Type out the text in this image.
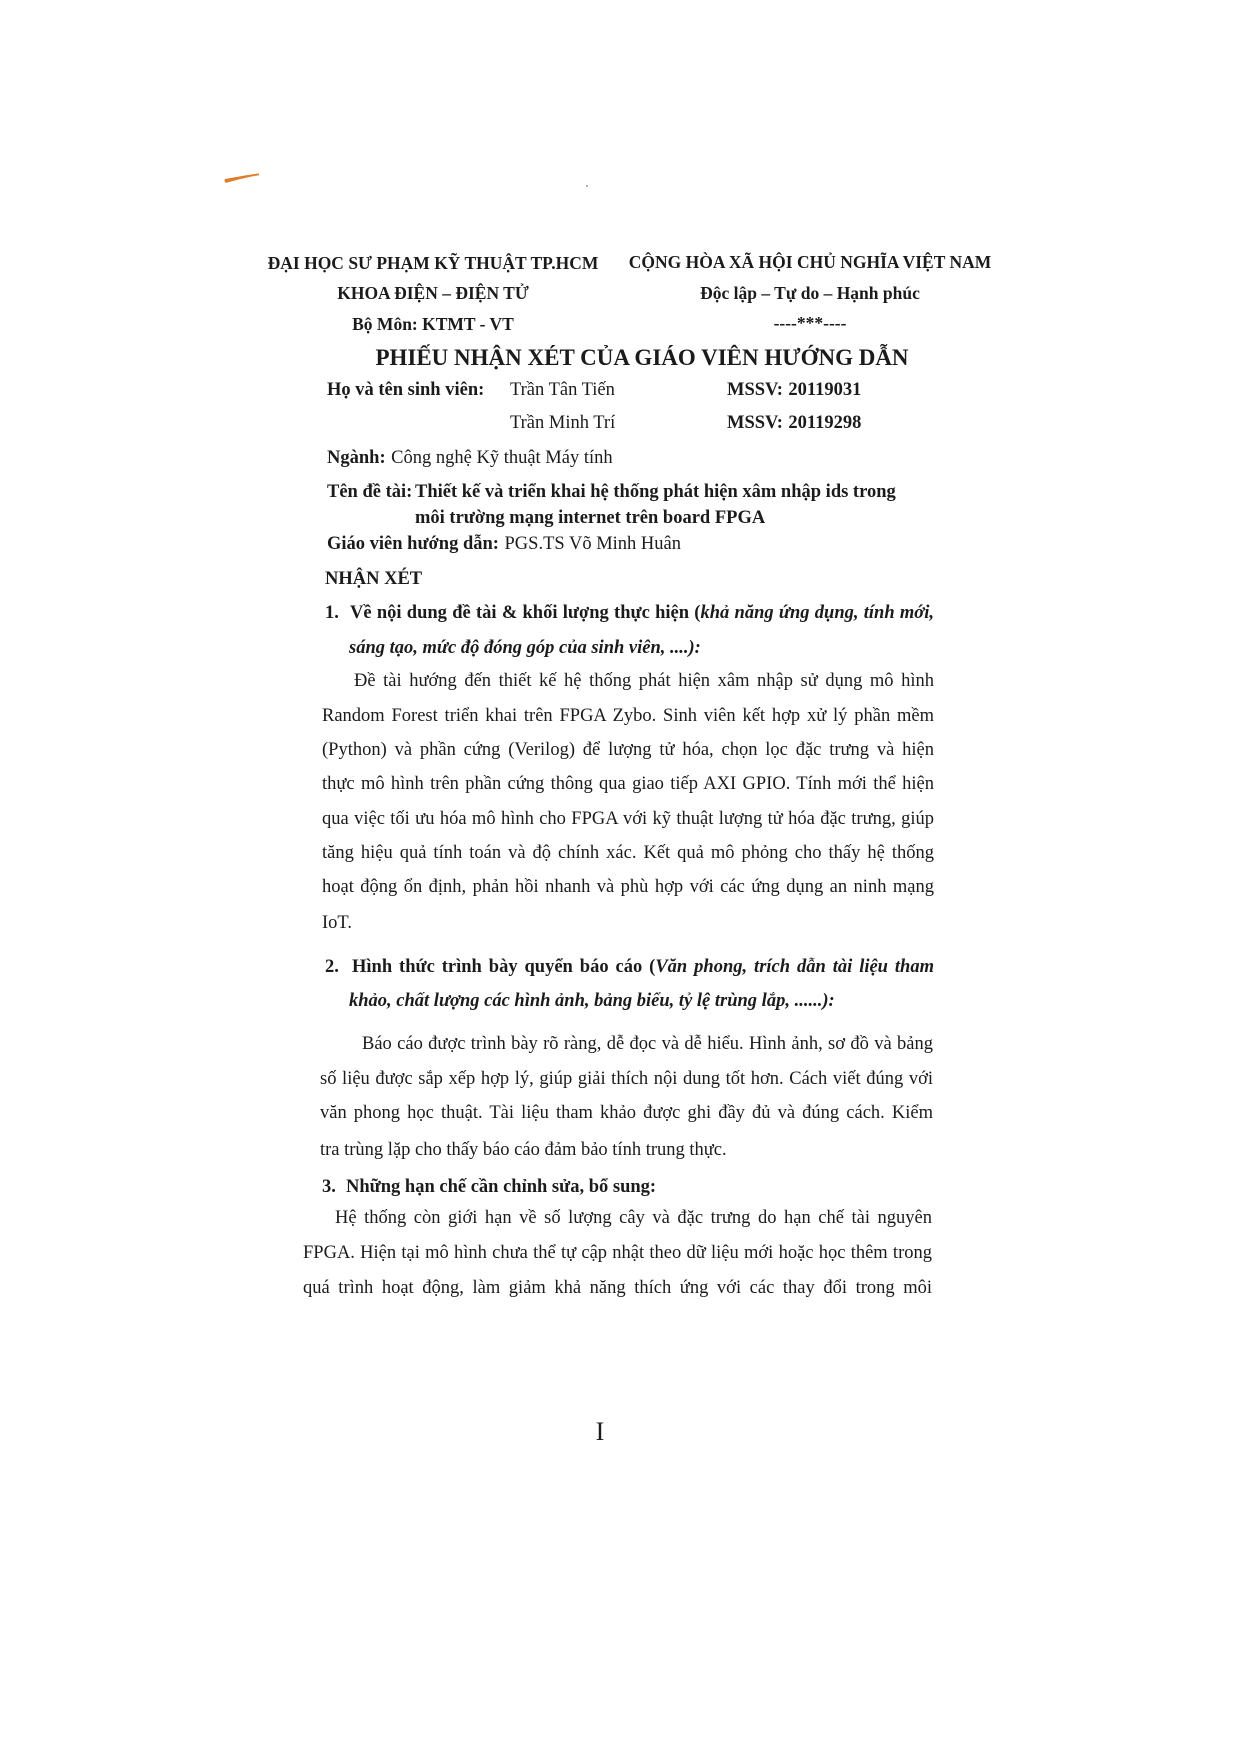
ĐẠI HỌC SƯ PHẠM KỸ THUẬT TP.HCM
KHOA ĐIỆN – ĐIỆN TỬ
Bộ Môn: KTMT - VT
CỘNG HÒA XÃ HỘI CHỦ NGHĨA VIỆT NAM
Độc lập – Tự do – Hạnh phúc
----***----
PHIẾU NHẬN XÉT CỦA GIÁO VIÊN HƯỚNG DẪN
Họ và tên sinh viên: Trần Tân Tiến	MSSV: 20119031
Trần Minh Trí	MSSV: 20119298
Ngành: Công nghệ Kỹ thuật Máy tính
Tên đề tài: Thiết kế và triển khai hệ thống phát hiện xâm nhập ids trong
môi trường mạng internet trên board FPGA
Giáo viên hướng dẫn: PGS.TS Võ Minh Huân
NHẬN XÉT
1. Về nội dung đề tài & khối lượng thực hiện (khả năng ứng dụng, tính mới,
sáng tạo, mức độ đóng góp của sinh viên, ....):
Đề tài hướng đến thiết kế hệ thống phát hiện xâm nhập sử dụng mô hình
Random Forest triển khai trên FPGA Zybo. Sinh viên kết hợp xử lý phần mềm
(Python) và phần cứng (Verilog) để lượng tử hóa, chọn lọc đặc trưng và hiện
thực mô hình trên phần cứng thông qua giao tiếp AXI GPIO. Tính mới thể hiện
qua việc tối ưu hóa mô hình cho FPGA với kỹ thuật lượng tử hóa đặc trưng, giúp
tăng hiệu quả tính toán và độ chính xác. Kết quả mô phỏng cho thấy hệ thống
hoạt động ổn định, phản hồi nhanh và phù hợp với các ứng dụng an ninh mạng
IoT.
2. Hình thức trình bày quyển báo cáo (Văn phong, trích dẫn tài liệu tham
khảo, chất lượng các hình ảnh, bảng biểu, tỷ lệ trùng lắp, ......):
Báo cáo được trình bày rõ ràng, dễ đọc và dễ hiểu. Hình ảnh, sơ đồ và bảng
số liệu được sắp xếp hợp lý, giúp giải thích nội dung tốt hơn. Cách viết đúng với
văn phong học thuật. Tài liệu tham khảo được ghi đầy đủ và đúng cách. Kiểm
tra trùng lặp cho thấy báo cáo đảm bảo tính trung thực.
3. Những hạn chế cần chỉnh sửa, bổ sung:
Hệ thống còn giới hạn về số lượng cây và đặc trưng do hạn chế tài nguyên
FPGA. Hiện tại mô hình chưa thể tự cập nhật theo dữ liệu mới hoặc học thêm trong
quá trình hoạt động, làm giảm khả năng thích ứng với các thay đổi trong môi
I
